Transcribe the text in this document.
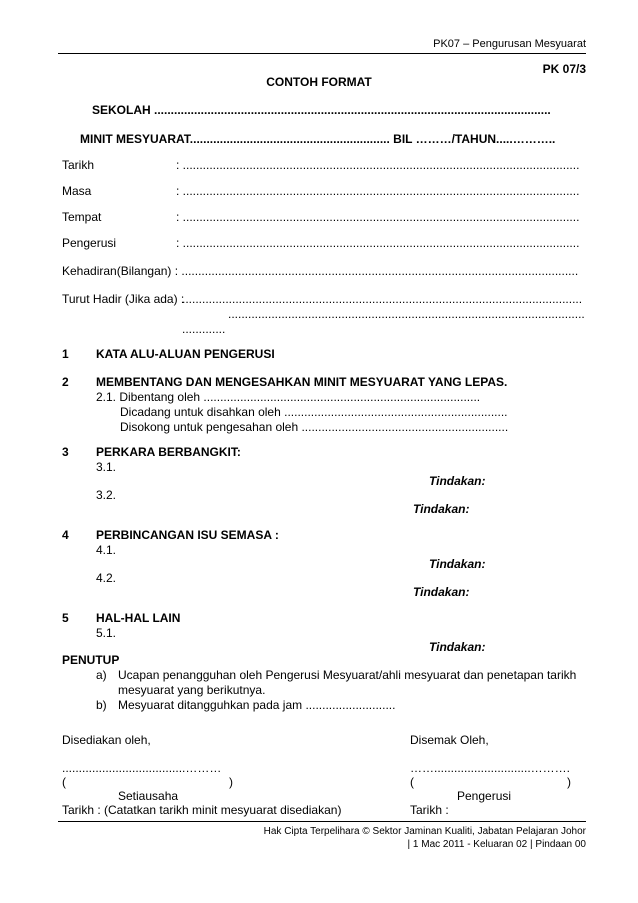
PK07 – Pengurusan Mesyuarat
PK 07/3
CONTOH FORMAT
SEKOLAH .......................................................................................................................
MINIT MESYUARAT............................................................ BIL ………/TAHUN.....………..
Tarikh	: .......................................................................................................................
Masa	: .......................................................................................................................
Tempat	: .......................................................................................................................
Pengerusi	: .......................................................................................................................
Kehadiran(Bilangan) : .......................................................................................................................
Turut Hadir (Jika ada) :
........................................................................................................................
...........................................................................................................
.............
1 KATA ALU-ALUAN PENGERUSI
2 MEMBENTANG DAN MENGESAHKAN MINIT MESYUARAT YANG LEPAS.
2.1. Dibentang oleh ...................................................................................
Dicadang untuk disahkan oleh ...................................................................
Disokong untuk pengesahan oleh ..............................................................
3 PERKARA BERBANGKIT:
3.1.
Tindakan:
3.2.
Tindakan:
4 PERBINCANGAN ISU SEMASA :
4.1.
Tindakan:
4.2.
Tindakan:
5 HAL-HAL LAIN
5.1.
Tindakan:
PENUTUP
a) Ucapan penangguhan oleh Pengerusi Mesyuarat/ahli mesyuarat dan penetapan tarikh
mesyuarat yang berikutnya.
b) Mesyuarat ditangguhkan pada jam ...........................
Disediakan oleh,	Disemak Oleh,
.....................................………	…….............................……….
(	)	(	)
Setiausaha	Pengerusi
Tarikh : (Catatkan tarikh minit mesyuarat disediakan)	Tarikh :
Hak Cipta Terpelihara © Sektor Jaminan Kualiti, Jabatan Pelajaran Johor
| 1 Mac 2011 - Keluaran 02 | Pindaan 00
